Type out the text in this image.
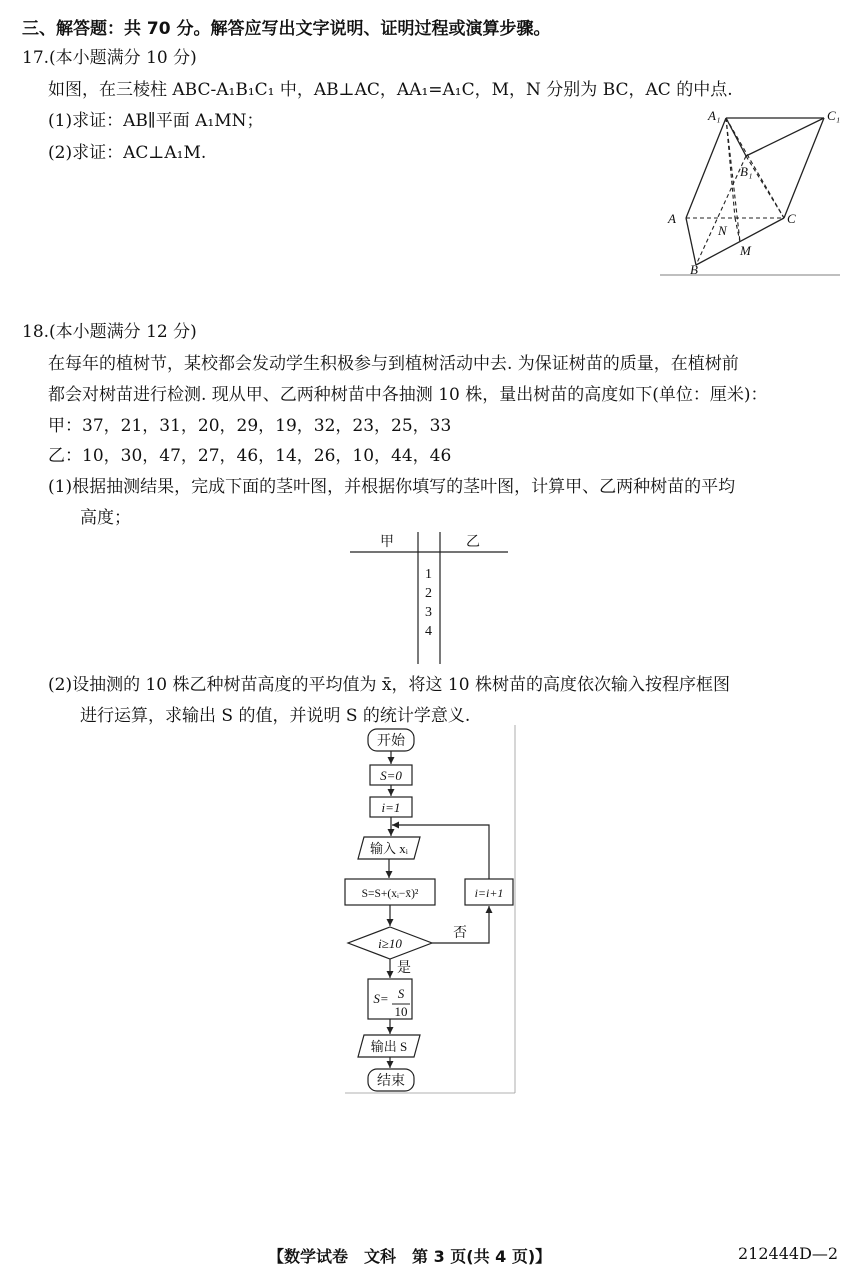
三、解答题：共 70 分。解答应写出文字说明、证明过程或演算步骤。
17.(本小题满分 10 分)
如图，在三棱柱 ABC-A₁B₁C₁ 中，AB⊥AC，AA₁=A₁C，M，N 分别为 BC，AC 的中点.
(1)求证：AB∥平面 A₁MN；
(2)求证：AC⊥A₁M.
A₁	C₁
B₁
A	C
N
M
B
18.(本小题满分 12 分)
在每年的植树节，某校都会发动学生积极参与到植树活动中去. 为保证树苗的质量，在植树前
都会对树苗进行检测. 现从甲、乙两种树苗中各抽测 10 株，量出树苗的高度如下(单位：厘米)：
甲：37，21，31，20，29，19，32，23，25，33
乙：10，30，47，27，46，14，26，10，44，46
(1)根据抽测结果，完成下面的茎叶图，并根据你填写的茎叶图，计算甲、乙两种树苗的平均
高度；
甲	乙
1
2
3
4
(2)设抽测的 10 株乙种树苗高度的平均值为 x̄，将这 10 株树苗的高度依次输入按程序框图
进行运算，求输出 S 的值，并说明 S 的统计学意义.
开始
S=0
i=1
输入 xᵢ
S=S+(xᵢ−x̄)²	i=i+1
i≥10
否
是
S= S
10
输出 S
结束
【数学试卷　文科　第 3 页(共 4 页)】	212444D—2
